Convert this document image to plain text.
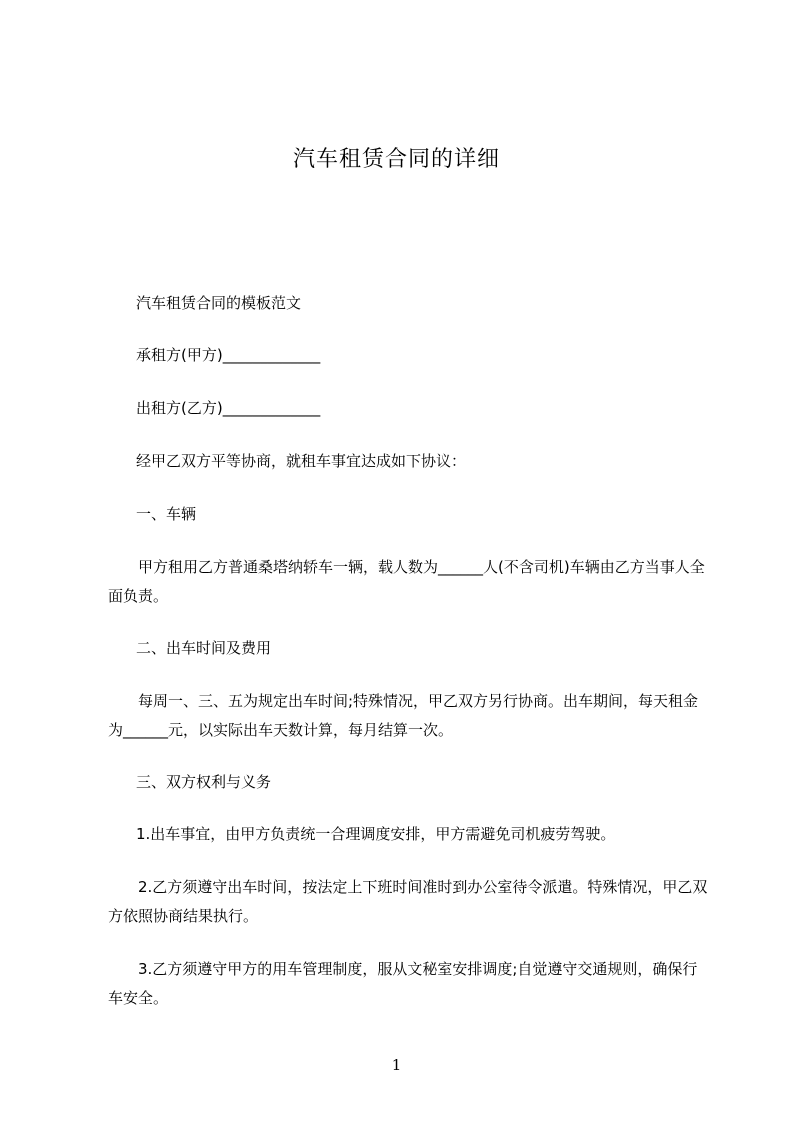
汽车租赁合同的详细
汽车租赁合同的模板范文
承租方(甲方)_____________
出租方(乙方)_____________
经甲乙双方平等协商，就租车事宜达成如下协议：
一、车辆
甲方租用乙方普通桑塔纳轿车一辆，载人数为______人(不含司机)车辆由乙方当事人全面负责。
二、出车时间及费用
每周一、三、五为规定出车时间;特殊情况，甲乙双方另行协商。出车期间，每天租金为______元，以实际出车天数计算，每月结算一次。
三、双方权利与义务
1.出车事宜，由甲方负责统一合理调度安排，甲方需避免司机疲劳驾驶。
2.乙方须遵守出车时间，按法定上下班时间准时到办公室待令派遣。特殊情况，甲乙双方依照协商结果执行。
3.乙方须遵守甲方的用车管理制度，服从文秘室安排调度;自觉遵守交通规则，确保行车安全。
1
